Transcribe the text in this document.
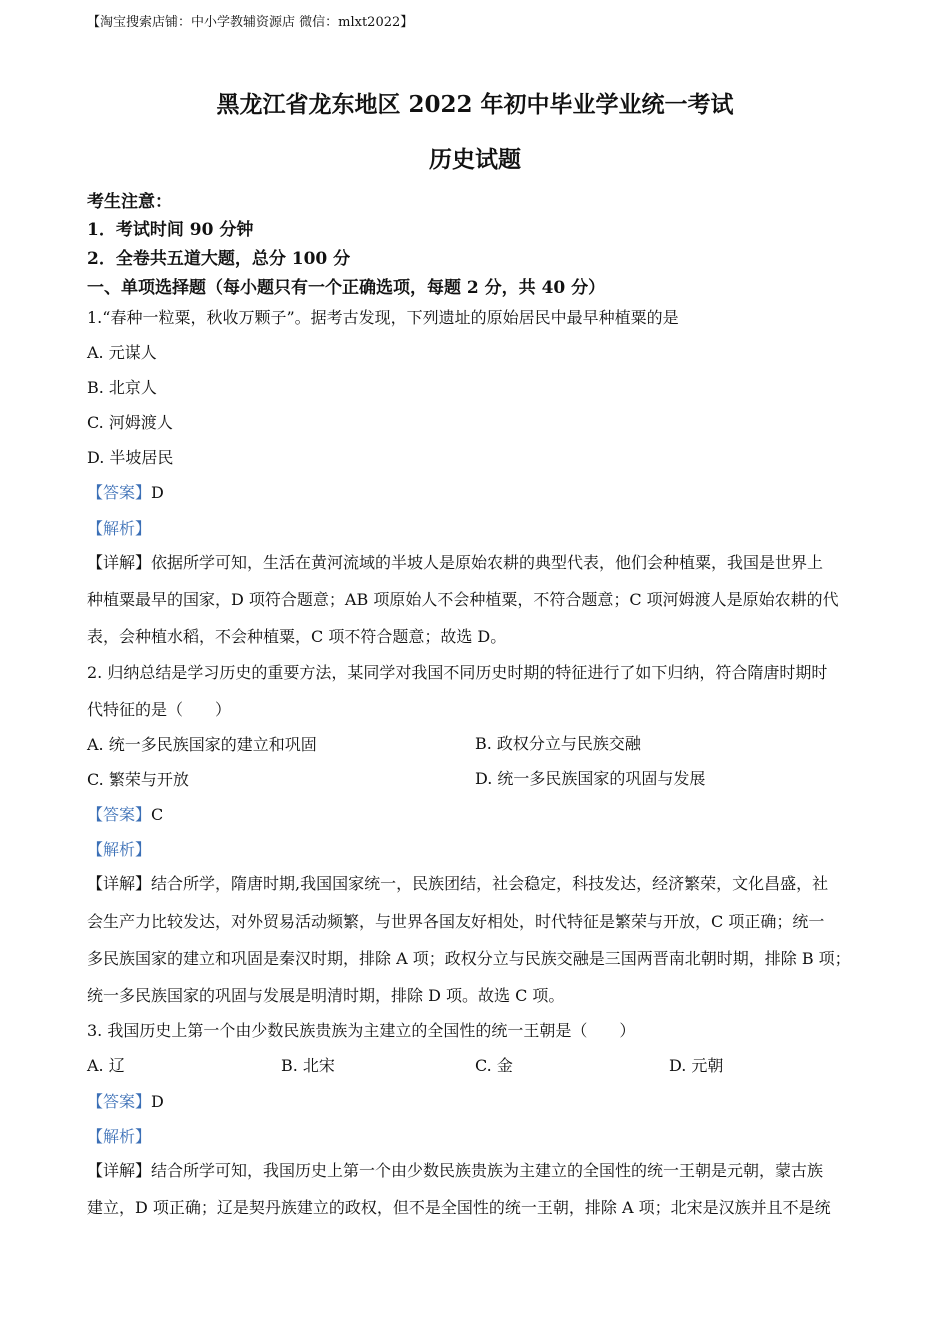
【淘宝搜索店铺：中小学教辅资源店 微信：mlxt2022】
黑龙江省龙东地区 2022 年初中毕业学业统一考试
历史试题
考生注意：
1．考试时间 90 分钟
2．全卷共五道大题，总分 100 分
一、单项选择题（每小题只有一个正确选项，每题 2 分，共 40 分）
1.“春种一粒粟，秋收万颗子”。据考古发现，下列遗址的原始居民中最早种植粟的是
A. 元谋人
B. 北京人
C. 河姆渡人
D. 半坡居民
【答案】D
【解析】
【详解】依据所学可知，生活在黄河流域的半坡人是原始农耕的典型代表，他们会种植粟，我国是世界上
种植粟最早的国家，D 项符合题意；AB 项原始人不会种植粟，不符合题意；C 项河姆渡人是原始农耕的代
表，会种植水稻，不会种植粟，C 项不符合题意；故选 D。
2. 归纳总结是学习历史的重要方法，某同学对我国不同历史时期的特征进行了如下归纳，符合隋唐时期时
代特征的是（　　）
A. 统一多民族国家的建立和巩固	B. 政权分立与民族交融
C. 繁荣与开放	D. 统一多民族国家的巩固与发展
【答案】C
【解析】
【详解】结合所学，隋唐时期,我国国家统一，民族团结，社会稳定，科技发达，经济繁荣，文化昌盛，社
会生产力比较发达，对外贸易活动频繁，与世界各国友好相处，时代特征是繁荣与开放，C 项正确；统一
多民族国家的建立和巩固是秦汉时期，排除 A 项；政权分立与民族交融是三国两晋南北朝时期，排除 B 项；
统一多民族国家的巩固与发展是明清时期，排除 D 项。故选 C 项。
3. 我国历史上第一个由少数民族贵族为主建立的全国性的统一王朝是（　　）
A. 辽	B. 北宋	C. 金	D. 元朝
【答案】D
【解析】
【详解】结合所学可知，我国历史上第一个由少数民族贵族为主建立的全国性的统一王朝是元朝，蒙古族
建立，D 项正确；辽是契丹族建立的政权，但不是全国性的统一王朝，排除 A 项；北宋是汉族并且不是统
